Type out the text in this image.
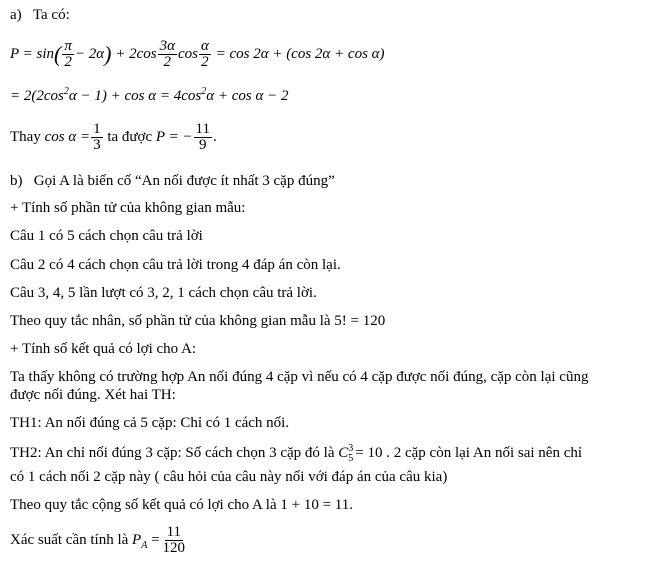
a) Ta có:
$P = \sin( \frac{\pi}{2} - 2\alpha) + 2\cos \frac{3\alpha}{2}$ $\cos \frac{\alpha}{2} = \cos 2\alpha + (\cos$ 2α + cos α)
= $2(2\cos^2\alpha - 1) + \cos \alpha = 4\cos^2\alpha + \cos \alpha - 2$
Thay $\cos \alpha = \frac{1}{3}$ ta được P = − $\frac{11}{9}$ .
b) Gọi A là biến cố “An nối được ít nhất 3 cặp đúng”
+ Tính số phần tử của không gian mẫu:
Câu 1 có 5 cách chọn câu trả lời
Câu 2 có 4 cách chọn câu trả lời trong 4 đáp án còn lại.
Câu 3, 4, 5 lần lượt có 3, 2, 1 cách chọn câu trả lời.
Theo quy tắc nhân, số phần tử của không gian mẫu là 5! = 120
+ Tính số kết quả có lợi cho A:
Ta thấy không có trường hợp An nối đúng 4 cặp vì nếu có 4 cặp được nối đúng, cặp còn lại cũng
được nối đúng. Xét hai TH:
TH1: An nối đúng cả 5 cặp: Chỉ có 1 cách nối.
TH2: An chỉ nối đúng 3 cặp: Số cách chọn 3 cặp đó là C 3
5 = 10 . 2 cặp còn lại An nối sai nên chỉ
có 1 cách nối 2 cặp này ( câu hỏi của câu này nối với đáp án của câu kia)
Theo quy tắc cộng số kết quả có lợi cho A là 1 + 10 = 11.
Xác suất cần tính là $P_A = \frac{11}{120}$
